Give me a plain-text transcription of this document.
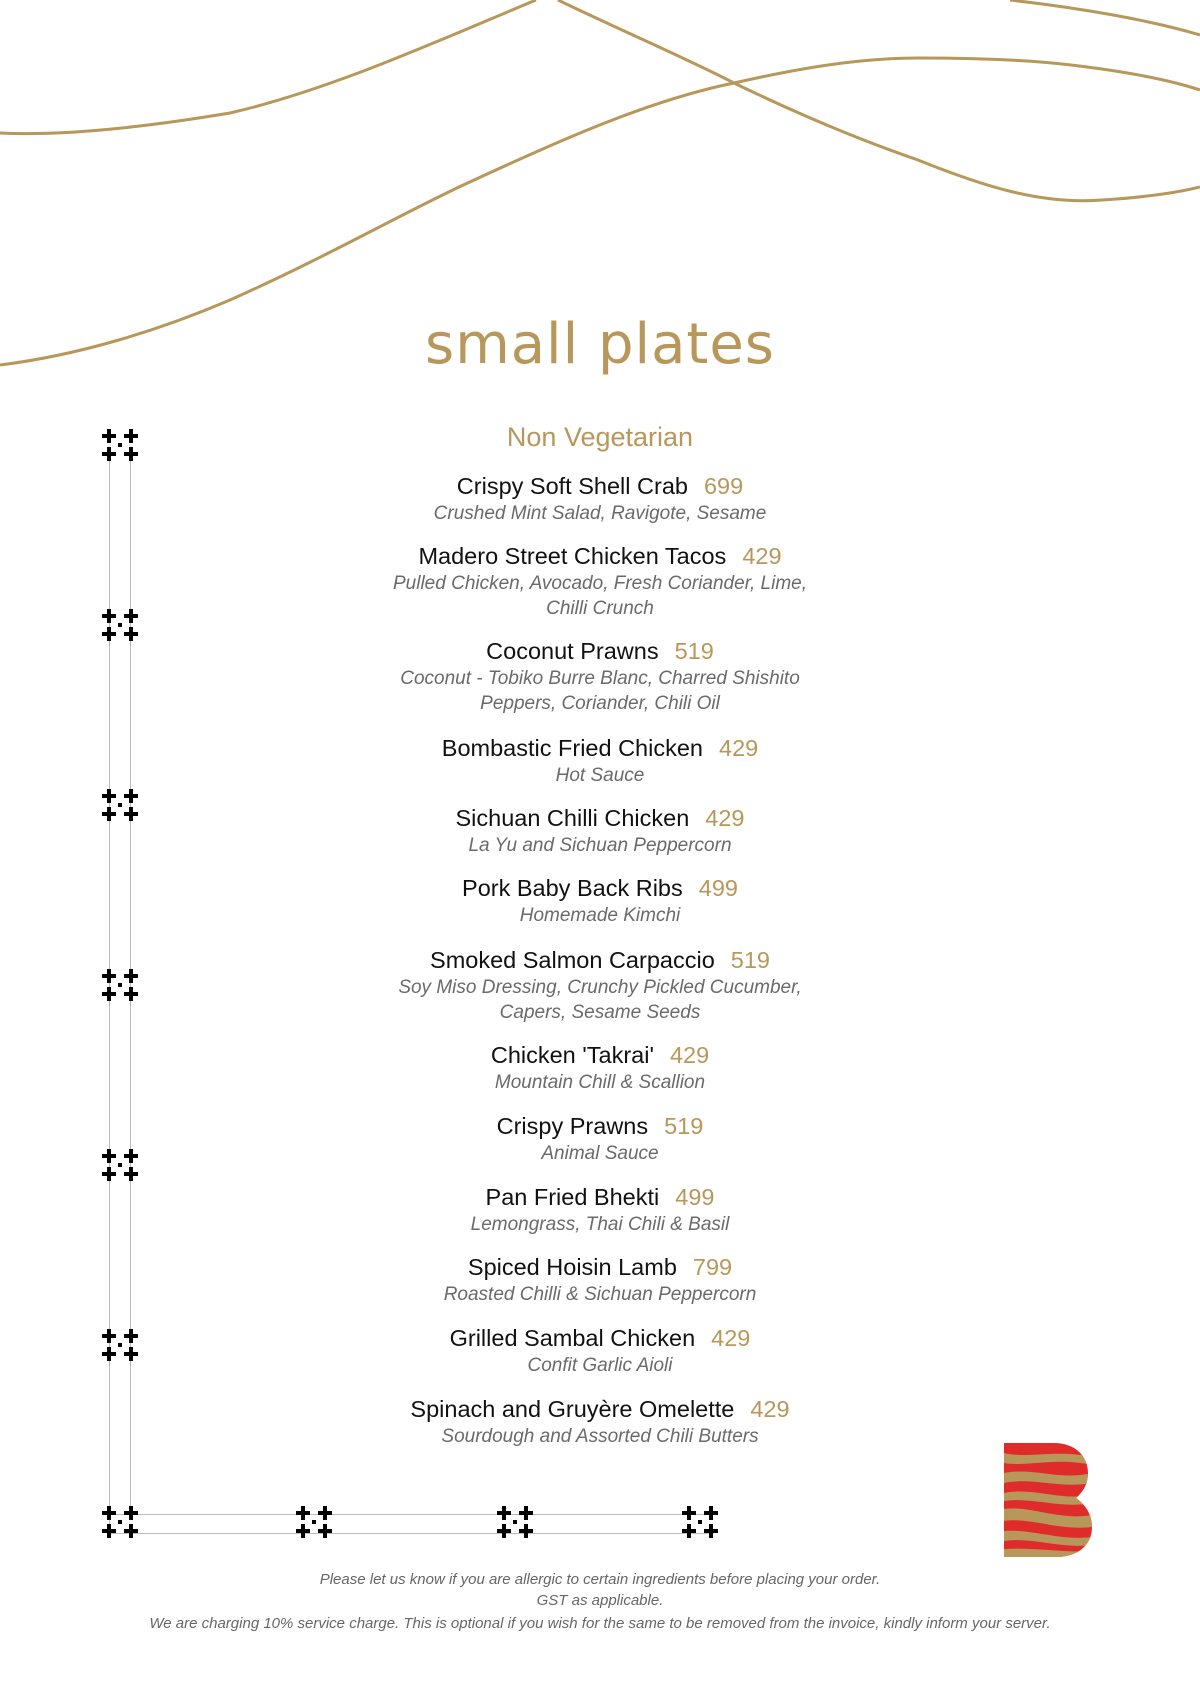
small plates
Non Vegetarian
Crispy Soft Shell Crab 699
Crushed Mint Salad, Ravigote, Sesame
Madero Street Chicken Tacos 429
Pulled Chicken, Avocado, Fresh Coriander, Lime,
Chilli Crunch
Coconut Prawns 519
Coconut - Tobiko Burre Blanc, Charred Shishito
Peppers, Coriander, Chili Oil
Bombastic Fried Chicken 429
Hot Sauce
Sichuan Chilli Chicken 429
La Yu and Sichuan Peppercorn
Pork Baby Back Ribs 499
Homemade Kimchi
Smoked Salmon Carpaccio 519
Soy Miso Dressing, Crunchy Pickled Cucumber,
Capers, Sesame Seeds
Chicken 'Takrai' 429
Mountain Chill & Scallion
Crispy Prawns 519
Animal Sauce
Pan Fried Bhekti 499
Lemongrass, Thai Chili & Basil
Spiced Hoisin Lamb 799
Roasted Chilli & Sichuan Peppercorn
Grilled Sambal Chicken 429
Confit Garlic Aioli
Spinach and Gruyère Omelette 429
Sourdough and Assorted Chili Butters
Please let us know if you are allergic to certain ingredients before placing your order.
GST as applicable.
We are charging 10% service charge. This is optional if you wish for the same to be removed from the invoice, kindly inform your server.
